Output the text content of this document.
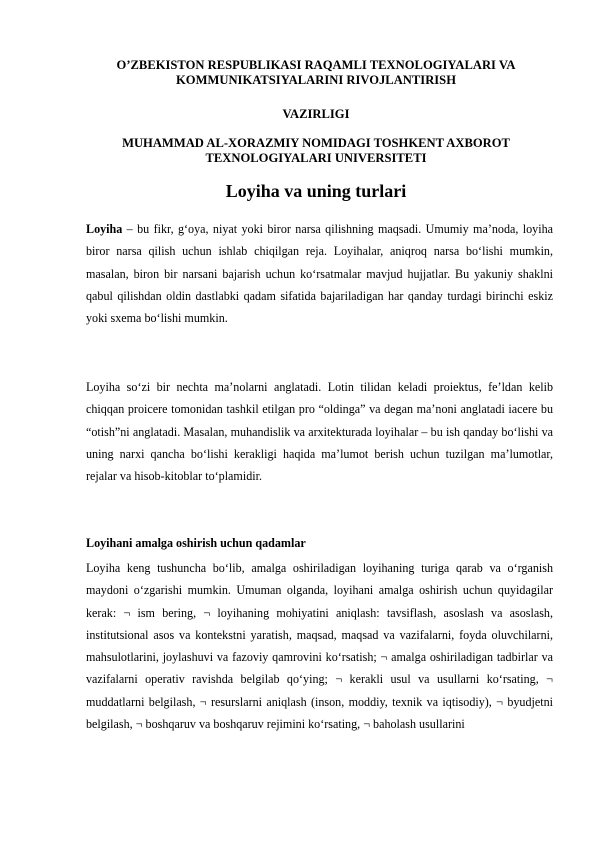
O’ZBEKISTON RESPUBLIKASI RAQAMLI TEXNOLOGIYALARI VA
KOMMUNIKATSIYALARINI RIVOJLANTIRISH
VAZIRLIGI
MUHAMMAD AL-XORAZMIY NOMIDAGI TOSHKENT AXBOROT
TEXNOLOGIYALARI UNIVERSITETI
Loyiha va uning turlari

Loyiha – bu fikr, g‘oya, niyat yoki biror narsa qilishning maqsadi. Umumiy ma’noda, loyiha biror narsa qilish uchun ishlab chiqilgan reja. Loyihalar, aniqroq narsa bo‘lishi mumkin, masalan, biron bir narsani bajarish uchun ko‘rsatmalar mavjud hujjatlar. Bu yakuniy shaklni qabul qilishdan oldin dastlabki qadam sifatida bajariladigan har qanday turdagi birinchi eskiz yoki sxema bo‘lishi mumkin.

Loyiha so‘zi bir nechta ma’nolarni anglatadi. Lotin tilidan keladi proiektus, fe’ldan kelib chiqqan proicere tomonidan tashkil etilgan pro “oldinga” va degan ma’noni anglatadi iacere bu “otish”ni anglatadi. Masalan, muhandislik va arxitekturada loyihalar – bu ish qanday bo‘lishi va uning narxi qancha bo‘lishi kerakligi haqida ma’lumot berish uchun tuzilgan ma’lumotlar, rejalar va hisob-kitoblar to‘plamidir.

Loyihani amalga oshirish uchun qadamlar

Loyiha keng tushuncha bo‘lib, amalga oshiriladigan loyihaning turiga qarab va o‘rganish maydoni o‘zgarishi mumkin. Umuman olganda, loyihani amalga oshirish uchun quyidagilar kerak: ¬ ism bering, ¬ loyihaning mohiyatini aniqlash: tavsiflash, asoslash va asoslash, institutsional asos va kontekstni yaratish, maqsad, maqsad va vazifalarni, foyda oluvchilarni, mahsulotlarini, joylashuvi va fazoviy qamrovini ko‘rsatish; ¬ amalga oshiriladigan tadbirlar va vazifalarni operativ ravishda belgilab qo‘ying; ¬ kerakli usul va usullarni ko‘rsating, ¬ muddatlarni belgilash, ¬ resurslarni aniqlash (inson, moddiy, texnik va iqtisodiy), ¬ byudjetni belgilash, ¬ boshqaruv va boshqaruv rejimini ko‘rsating, ¬ baholash usullarini
